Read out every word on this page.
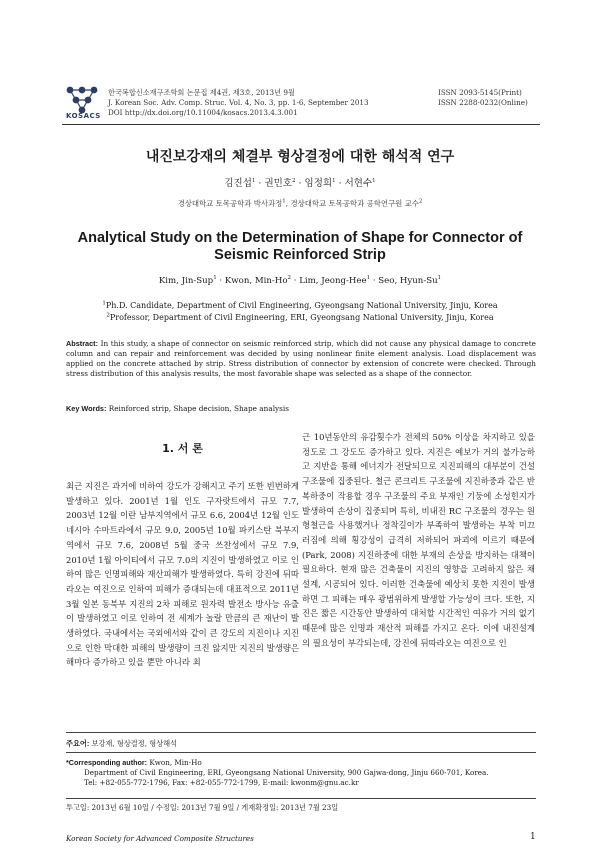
KOSACS
한국복합신소재구조학회 논문집 제4권, 제3호, 2013년 9월
J. Korean Soc. Adv. Comp. Struc. Vol. 4, No. 3, pp. 1-6, September 2013
DOI http://dx.doi.org/10.11004/kosacs.2013.4.3.001
ISSN 2093-5145(Print)
ISSN 2288-0232(Online)
내진보강재의 체결부 형상결정에 대한 해석적 연구
김진섭$^1$ · 권민호$^2$ · 임정희$^1$ · 서현수$^1$
경상대학교 토목공학과 박사과정$^1$, 경상대학교 토목공학과 공학연구원 교수$^2$
Analytical Study on the Determination of Shape for Connector of Seismic Reinforced Strip
Kim, Jin-Sup$^1$ · Kwon, Min-$Ho^2$ · Lim, Jeong-Hee$^1$ · Seo, Hyun-Su$^1$
$^1$Ph.D. Candidate, Department of Civil Engineering, Gyeongsang National University, Jinju, Korea
$^2$Professor, Department of Civil Engineering, ERI, Gyeongsang National University, Jinju, Korea
Abstract: In this study, a shape of connector on seismic reinforced strip, which did not cause any physical damage to concrete column and can repair and reinforcement was decided by using nonlinear finite element analysis. Load displacement was applied on the concrete attached by strip. Stress distribution of connector by extension of concrete were checked. Through stress distribution of this analysis results, the most favorable shape was selected as a shape of the connector.
Key Words: Reinforced strip, Shape decision, Shape analysis
1. 서 론
최근 지진은 과거에 비하여 강도가 강해지고 주기 또한 빈번하게 발생하고 있다. 2001년 1월 인도 구자랏트에서 규모 7.7, 2003년 12월 이란 남부지역에서 규모 6.6, 2004년 12월 인도네시아 수마트라에서 규모 9.0, 2005년 10월 파키스탄 북부지역에서 규모 7.6, 2008년 5월 중국 쓰찬성에서 규모 7.9, 2010년 1월 아이티에서 규모 7.0의 지진이 발생하였고 이로 인하여 많은 인명피해와 재산피해가 발생하였다. 특히 강진에 뒤따라오는 여진으로 인하여 피해가 증대되는데 대표적으로 2011년 3월 일본 동북부 지진의 2차 피해로 원자력 발전소 방사능 유출이 발생하였고 이로 인하여 전 세계가 놀랄 만큼의 큰 재난이 발생하였다. 국내에서는 국외에서와 같이 큰 강도의 지진이나 지진으로 인한 막대한 피해의 발생량이 크진 않지만 지진의 발생량은 해마다 증가하고 있을 뿐만 아니라 최
근 10년동안의 유감횟수가 전체의 50% 이상을 차지하고 있을 정도로 그 강도도 증가하고 있다. 지진은 예보가 거의 불가능하고 지반을 통해 에너지가 전달되므로 지진피해의 대부분이 건설 구조물에 집중된다. 철근 콘크리트 구조물에 지진하중과 같은 반복하중이 작용할 경우 구조물의 주요 부재인 기둥에 소성힌지가 발생하여 손상이 집중되며 특히, 비내진 RC 구조물의 경우는 원형철근을 사용했거나 정착길이가 부족하여 발생하는 부착 미끄러짐에 의해 횡강성이 급격히 저하되어 파괴에 이르기 때문에(Park, 2008) 지진하중에 대한 부재의 손상을 방지하는 대책이 필요하다. 현재 많은 건축물이 지진의 영향을 고려하지 않은 채 설계, 시공되어 있다. 이러한 건축물에 예상치 못한 지진이 발생하면 그 피해는 매우 광범위하게 발생할 가능성이 크다. 또한, 지진은 짧은 시간동안 발생하여 대처할 시간적인 여유가 거의 없기 때문에 많은 인명과 재산적 피해를 가지고 온다. 이에 내진설계의 필요성이 부각되는데, 강진에 뒤따라오는 여진으로 인
주요어: 보강재, 형상결정, 형상해석
*Corresponding author: Kwon, Min-Ho
Department of Civil Engineering, ERI, Gyeongsang National University, 900 Gajwa-dong, Jinju 660-701, Korea.
Tel: +82-055-772-1796, Fax: +82-055-772-1799, E-mail: kwonm@gnu.ac.kr
투고일: 2013년 6월 10일 / 수정일: 2013년 7월 9일 / 게재확정일: 2013년 7월 23일
Korean Society for Advanced Composite Structures	1
